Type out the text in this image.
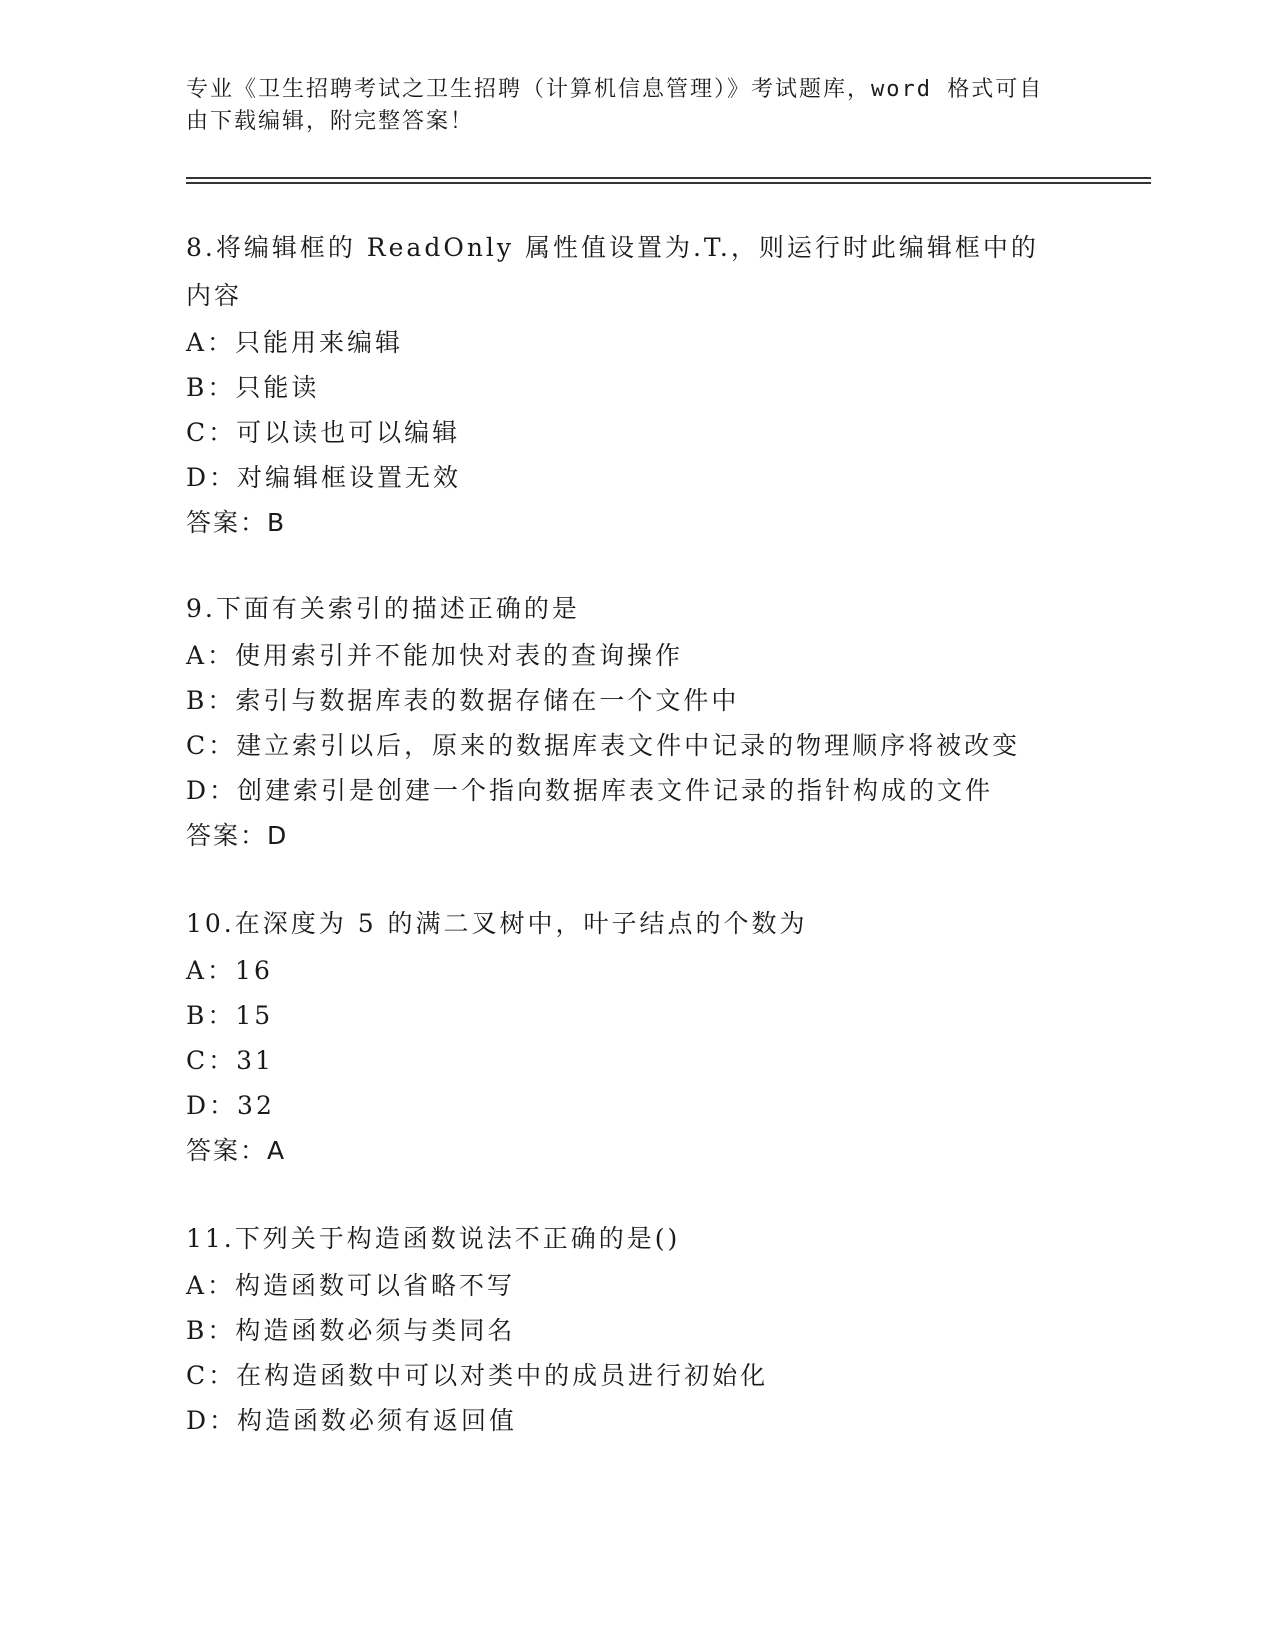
专业《卫生招聘考试之卫生招聘（计算机信息管理）》考试题库，word 格式可自
由下载编辑，附完整答案！
8.将编辑框的 ReadOnly 属性值设置为.T.，则运行时此编辑框中的内容
A：只能用来编辑
B：只能读
C：可以读也可以编辑
D：对编辑框设置无效
答案：B
9.下面有关索引的描述正确的是
A：使用索引并不能加快对表的查询操作
B：索引与数据库表的数据存储在一个文件中
C：建立索引以后，原来的数据库表文件中记录的物理顺序将被改变
D：创建索引是创建一个指向数据库表文件记录的指针构成的文件
答案：D
10.在深度为 5 的满二叉树中，叶子结点的个数为
A：16
B：15
C：31
D：32
答案：A
11.下列关于构造函数说法不正确的是()
A：构造函数可以省略不写
B：构造函数必须与类同名
C：在构造函数中可以对类中的成员进行初始化
D：构造函数必须有返回值
